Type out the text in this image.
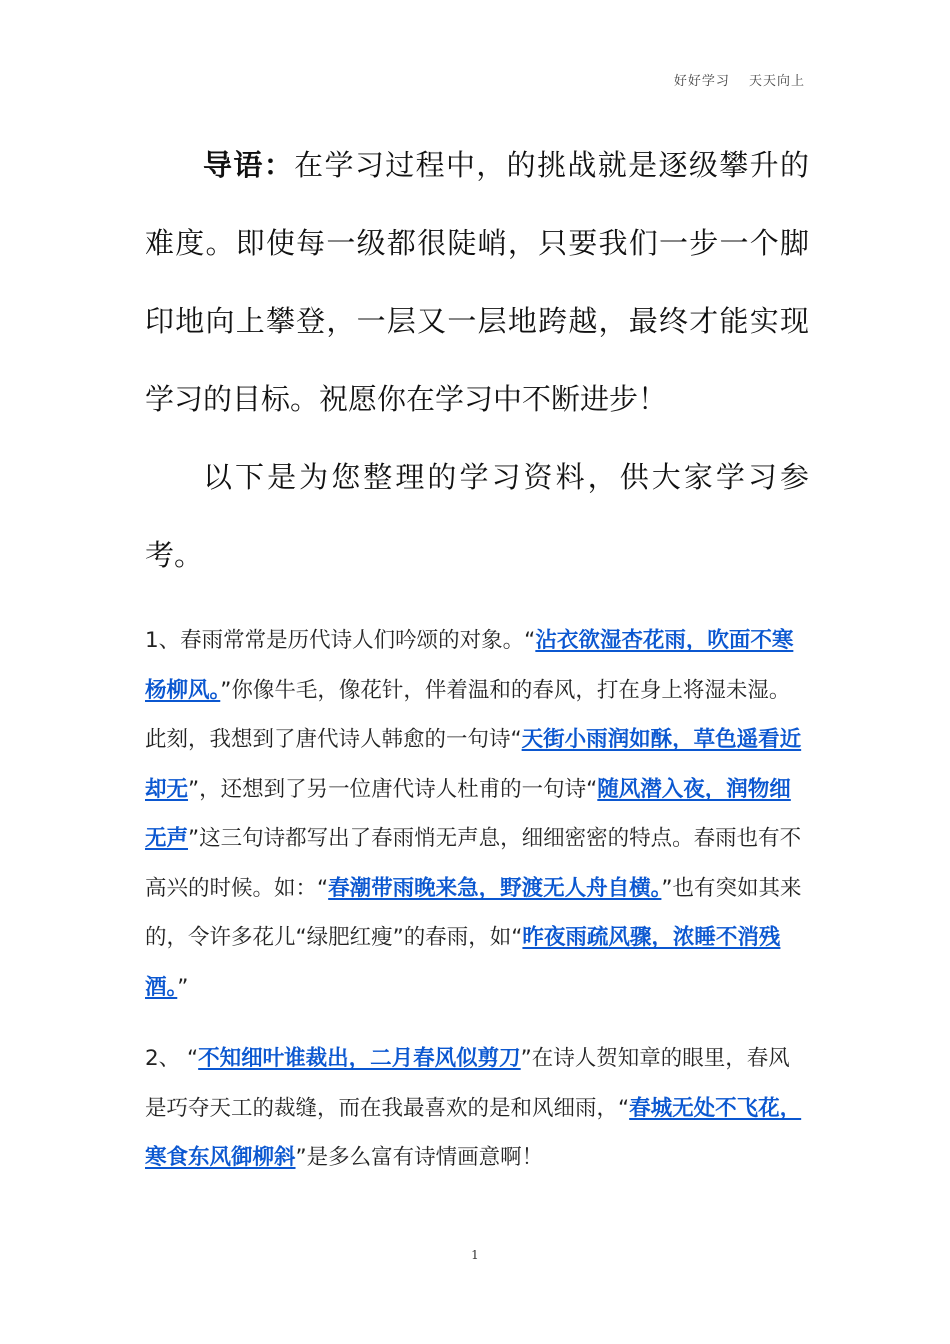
好好学习 天天向上

导语：在学习过程中，的挑战就是逐级攀升的难度。即使每一级都很陡峭，只要我们一步一个脚印地向上攀登，一层又一层地跨越，最终才能实现学习的目标。祝愿你在学习中不断进步！

以下是为您整理的学习资料，供大家学习参考。

1、春雨常常是历代诗人们吟颂的对象。“沾衣欲湿杏花雨，吹面不寒杨柳风。”你像牛毛，像花针，伴着温和的春风，打在身上将湿未湿。此刻，我想到了唐代诗人韩愈的一句诗“天街小雨润如酥，草色遥看近却无”，还想到了另一位唐代诗人杜甫的一句诗“随风潜入夜，润物细无声”这三句诗都写出了春雨悄无声息，细细密密的特点。春雨也有不高兴的时候。如：“春潮带雨晚来急，野渡无人舟自横。”也有突如其来的，令许多花儿“绿肥红瘦”的春雨，如“昨夜雨疏风骤，浓睡不消残酒。”

2、 “不知细叶谁裁出，二月春风似剪刀”在诗人贺知章的眼里，春风是巧夺天工的裁缝，而在我最喜欢的是和风细雨，“春城无处不飞花，寒食东风御柳斜”是多么富有诗情画意啊！

1
